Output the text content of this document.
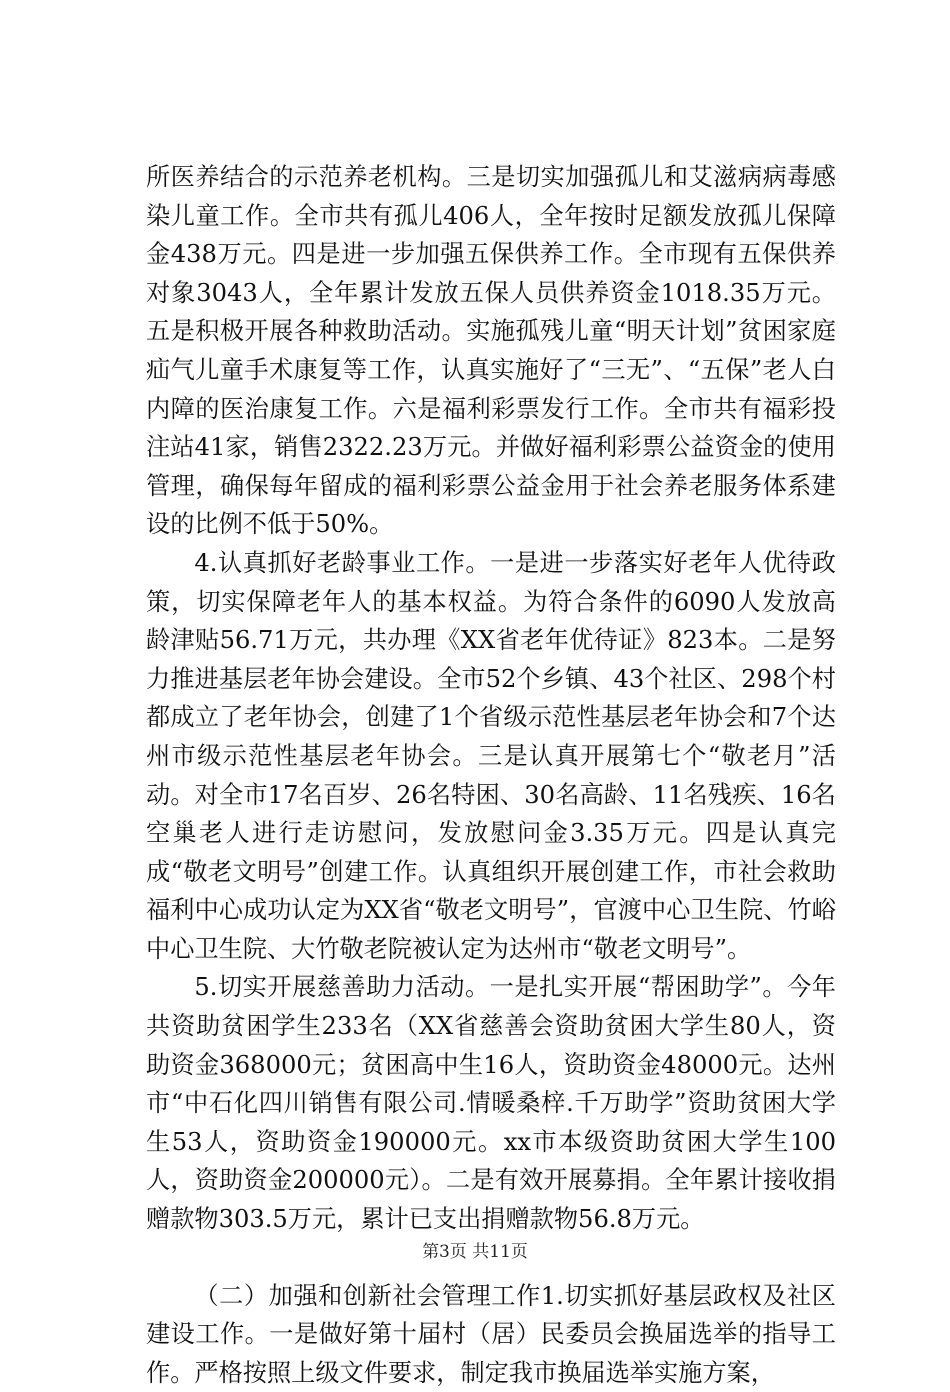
所医养结合的示范养老机构。三是切实加强孤儿和艾滋病病毒感染儿童工作。全市共有孤儿406人，全年按时足额发放孤儿保障金438万元。四是进一步加强五保供养工作。全市现有五保供养对象3043人，全年累计发放五保人员供养资金1018.35万元。五是积极开展各种救助活动。实施孤残儿童“明天计划”贫困家庭疝气儿童手术康复等工作，认真实施好了“三无”、“五保”老人白内障的医治康复工作。六是福利彩票发行工作。全市共有福彩投注站41家，销售2322.23万元。并做好福利彩票公益资金的使用管理，确保每年留成的福利彩票公益金用于社会养老服务体系建设的比例不低于50%。

4.认真抓好老龄事业工作。一是进一步落实好老年人优待政策，切实保障老年人的基本权益。为符合条件的6090人发放高龄津贴56.71万元，共办理《XX省老年优待证》823本。二是努力推进基层老年协会建设。全市52个乡镇、43个社区、298个村都成立了老年协会，创建了1个省级示范性基层老年协会和7个达州市级示范性基层老年协会。三是认真开展第七个“敬老月”活动。对全市17名百岁、26名特困、30名高龄、11名残疾、16名空巢老人进行走访慰问，发放慰问金3.35万元。四是认真完成“敬老文明号”创建工作。认真组织开展创建工作，市社会救助福利中心成功认定为XX省“敬老文明号”，官渡中心卫生院、竹峪中心卫生院、大竹敬老院被认定为达州市“敬老文明号”。

5.切实开展慈善助力活动。一是扎实开展“帮困助学”。今年共资助贫困学生233名（XX省慈善会资助贫困大学生80人，资助资金368000元；贫困高中生16人，资助资金48000元。达州市“中石化四川销售有限公司.情暖桑梓.千万助学”资助贫困大学生53人，资助资金190000元。xx市本级资助贫困大学生100人，资助资金200000元）。二是有效开展募捐。全年累计接收捐赠款物303.5万元，累计已支出捐赠款物56.8万元。

（二）加强和创新社会管理工作1.切实抓好基层政权及社区建设工作。一是做好第十届村（居）民委员会换届选举的指导工作。严格按照上级文件要求，制定我市换届选举实施方案，

第3页 共11页
